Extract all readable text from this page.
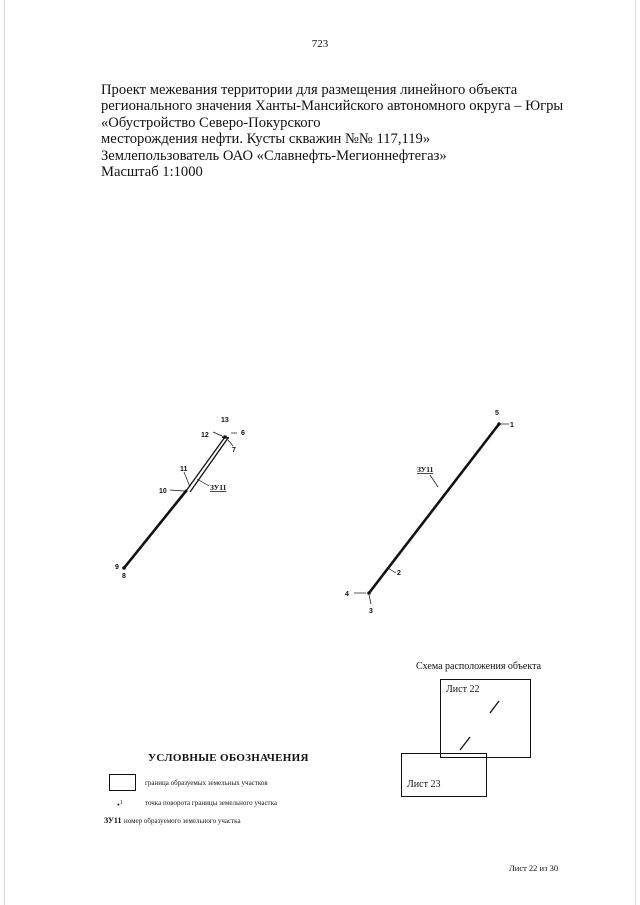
723
Проект межевания территории для размещения линейного объекта
регионального значения Ханты-Мансийского автономного округа – Югры
«Обустройство Северо-Покурского
месторождения нефти. Кусты скважин №№ 117,119»
Землепользователь ОАО «Славнефть-Мегионнефтегаз»
Масштаб 1:1000
13
12	6
7
11
10
9
8
ЗУ11
5
1
2
4
3
ЗУ11
Схема расположения объекта
Лист 22
Лист 23
УСЛОВНЫЕ ОБОЗНАЧЕНИЯ
граница образуемых земельных участков
•$^1$	точка поворота границы земельного участка
ЗУ11 номер образуемого земельного участка
Лист 22 из 30
